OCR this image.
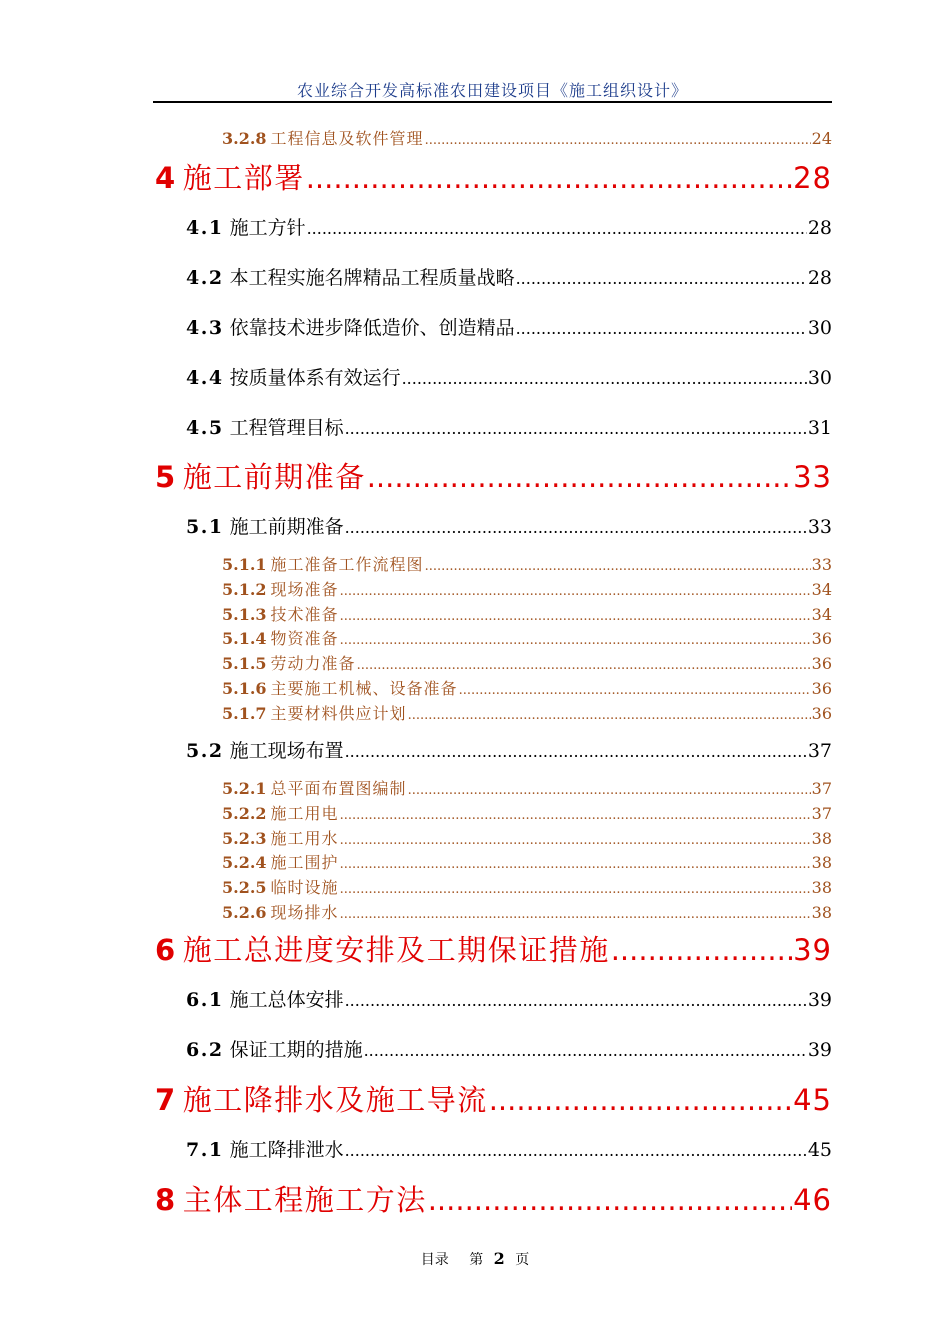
农业综合开发高标准农田建设项目《施工组织设计》
3.2.8 工程信息及软件管理 .....	24
4 施工部署 .....	28
4.1 施工方针 .....	28
4.2 本工程实施名牌精品工程质量战略 .....	28
4.3 依靠技术进步降低造价、创造精品 .....	30
4.4 按质量体系有效运行 .....	30
4.5 工程管理目标 .....	31
5 施工前期准备 .....	33
5.1 施工前期准备 .....	33
5.1.1 施工准备工作流程图 .....	33
5.1.2 现场准备 .....	34
5.1.3 技术准备 .....	34
5.1.4 物资准备 .....	36
5.1.5 劳动力准备 .....	36
5.1.6 主要施工机械、设备准备 .....	36
5.1.7 主要材料供应计划 .....	36
5.2 施工现场布置 .....	37
5.2.1 总平面布置图编制 .....	37
5.2.2 施工用电 .....	37
5.2.3 施工用水 .....	38
5.2.4 施工围护 .....	38
5.2.5 临时设施 .....	38
5.2.6 现场排水 .....	38
6 施工总进度安排及工期保证措施 .....	39
6.1 施工总体安排 .....	39
6.2 保证工期的措施 .....	39
7 施工降排水及施工导流 .....	45
7.1 施工降排泄水 .....	45
8 主体工程施工方法 .....	46
目录 第 2 页
